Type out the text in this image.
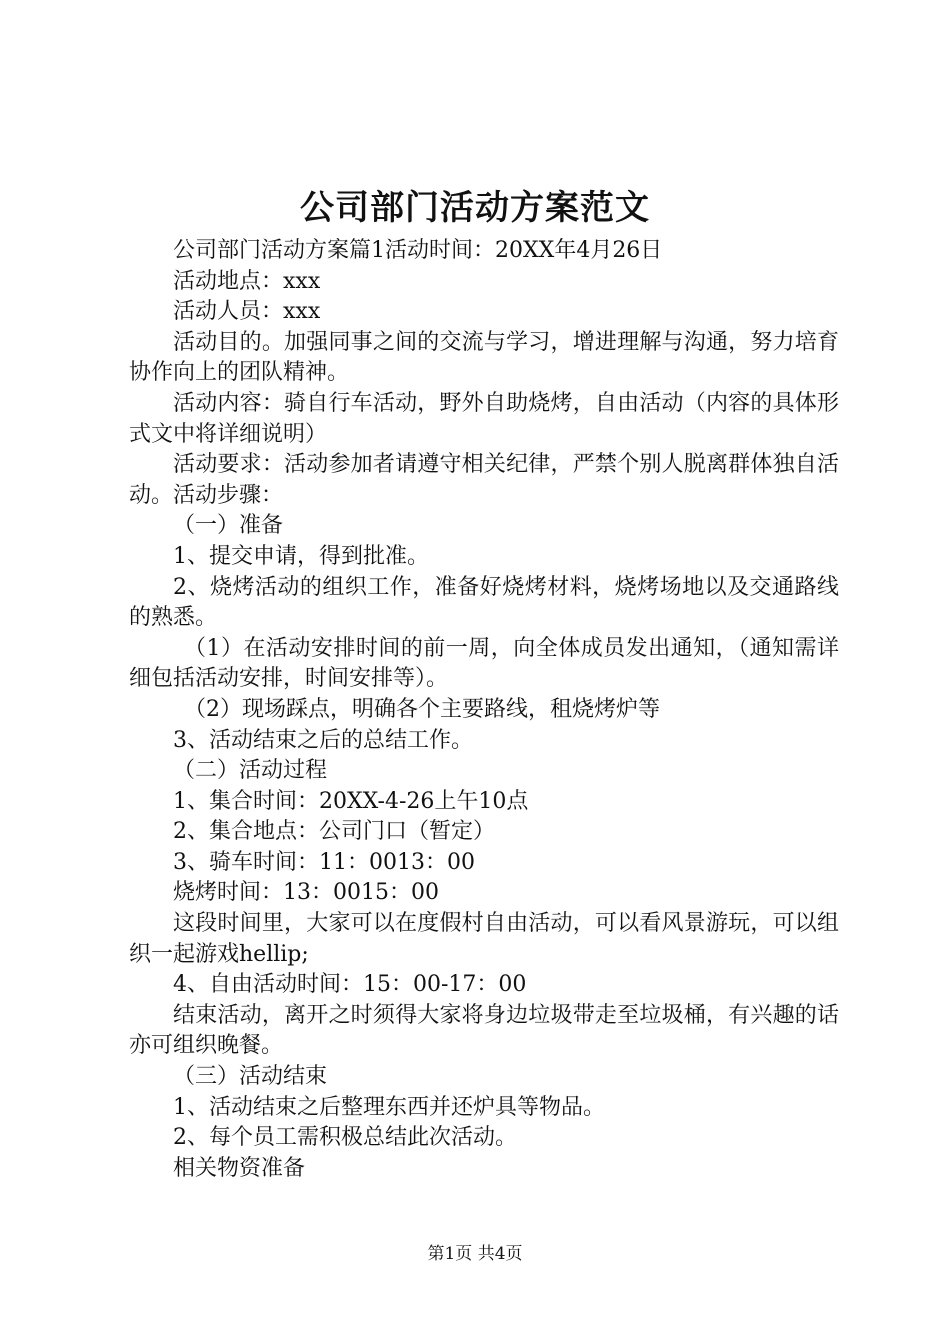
公司部门活动方案范文

公司部门活动方案篇1活动时间：20XX年4月26日

活动地点：xxx

活动人员：xxx

活动目的。加强同事之间的交流与学习，增进理解与沟通，努力培育协作向上的团队精神。

活动内容：骑自行车活动，野外自助烧烤，自由活动（内容的具体形式文中将详细说明）

活动要求：活动参加者请遵守相关纪律，严禁个别人脱离群体独自活动。活动步骤：

（一）准备

1、提交申请，得到批准。

2、烧烤活动的组织工作，准备好烧烤材料，烧烤场地以及交通路线的熟悉。

（1）在活动安排时间的前一周，向全体成员发出通知，（通知需详细包括活动安排，时间安排等）。

（2）现场踩点，明确各个主要路线，租烧烤炉等

3、活动结束之后的总结工作。

（二）活动过程

1、集合时间：20XX-4-26上午10点

2、集合地点：公司门口（暂定）

3、骑车时间：11：0013：00

烧烤时间：13：0015：00

这段时间里，大家可以在度假村自由活动，可以看风景游玩，可以组织一起游戏hellip;

4、自由活动时间：15：00-17：00

结束活动，离开之时须得大家将身边垃圾带走至垃圾桶，有兴趣的话亦可组织晚餐。

（三）活动结束

1、活动结束之后整理东西并还炉具等物品。

2、每个员工需积极总结此次活动。

相关物资准备

第1页 共4页
